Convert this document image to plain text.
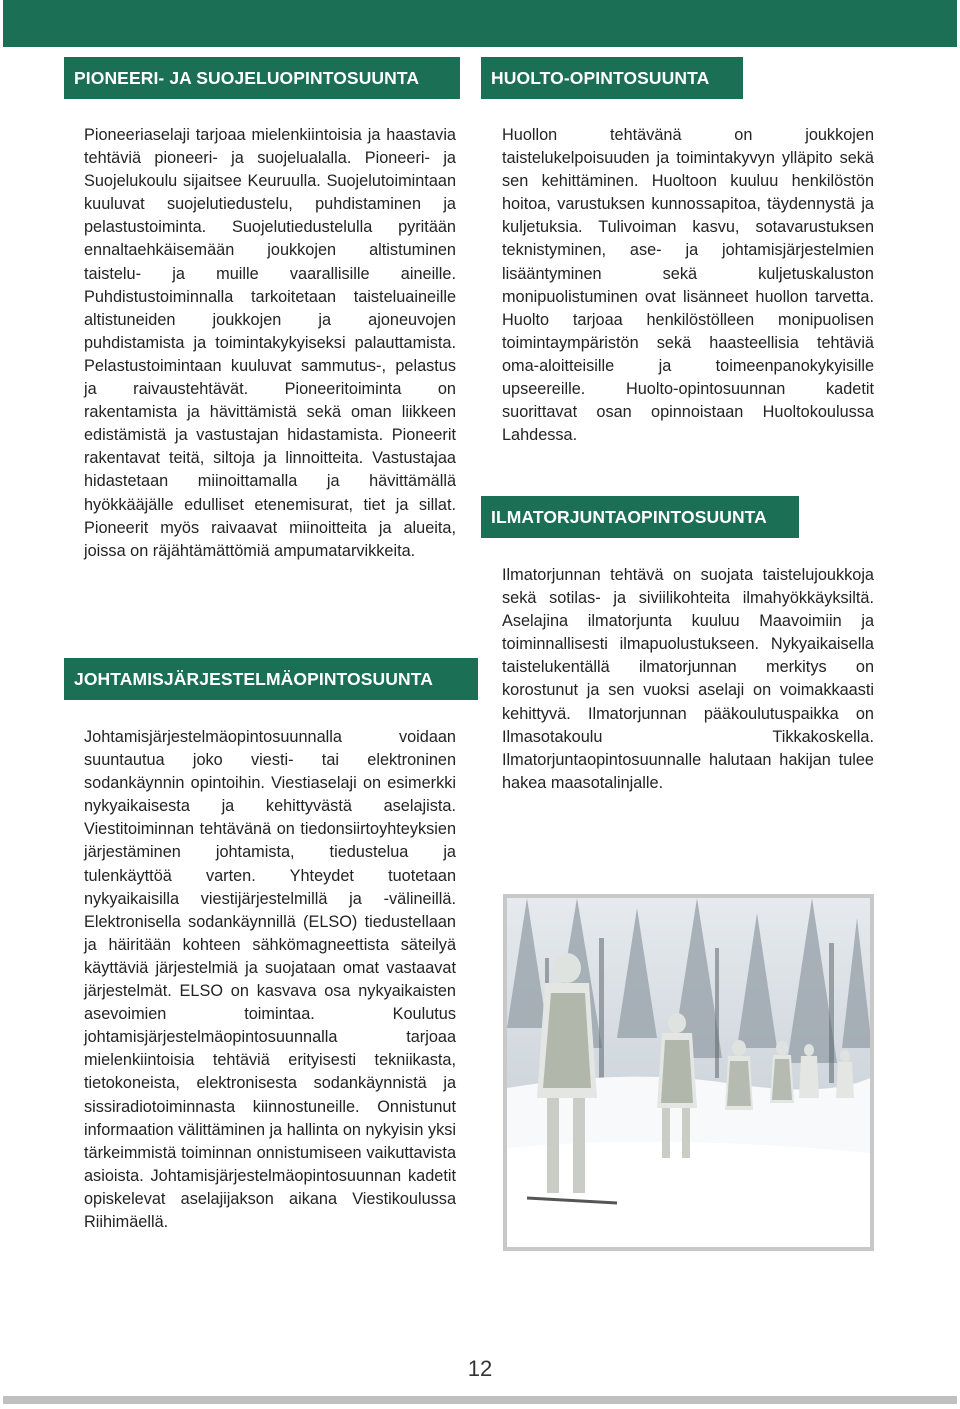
PIONEERI- JA SUOJELUOPINTOSUUNTA
Pioneeriaselaji tarjoaa mielenkiintoisia ja haastavia tehtäviä pioneeri- ja suojelualalla. Pioneeri- ja Suojelukoulu sijaitsee Keuruulla. Suojelutoimintaan kuuluvat suojelutiedustelu, puhdistaminen ja pelastustoiminta. Suojelutiedustelulla pyritään ennaltaehkäisemään joukkojen altistuminen taistelu- ja muille vaarallisille aineille. Puhdistustoiminnalla tarkoitetaan taisteluaineille altistuneiden joukkojen ja ajoneuvojen puhdistamista ja toimintakykyiseksi palauttamista. Pelastustoimintaan kuuluvat sammutus-, pelastus ja raivaustehtävät. Pioneeritoiminta on rakentamista ja hävittämistä sekä oman liikkeen edistämistä ja vastustajan hidastamista. Pioneerit rakentavat teitä, siltoja ja linnoitteita. Vastustajaa hidastetaan miinoittamalla ja hävittämällä hyökkääjälle edulliset etenemisurat, tiet ja sillat. Pioneerit myös raivaavat miinoitteita ja alueita, joissa on räjähtämättömiä ampumatarvikkeita.
JOHTAMISJÄRJESTELMÄOPINTOSUUNTA
Johtamisjärjestelmäopintosuunnalla voidaan suuntautua joko viesti- tai elektroninen sodankäynnin opintoihin. Viestiaselaji on esimerkki nykyaikaisesta ja kehittyvästä aselajista. Viestitoiminnan tehtävänä on tiedonsiirtoyhteyksien järjestäminen johtamista, tiedustelua ja tulenkäyttöä varten. Yhteydet tuotetaan nykyaikaisilla viestijärjestelmillä ja -välineillä. Elektronisella sodankäynnillä (ELSO) tiedustellaan ja häiritään kohteen sähkömagneettista säteilyä käyttäviä järjestelmiä ja suojataan omat vastaavat järjestelmät. ELSO on kasvava osa nykyaikaisten asevoimien toimintaa. Koulutus johtamisjärjestelmäopintosuunnalla tarjoaa mielenkiintoisia tehtäviä erityisesti tekniikasta, tietokoneista, elektronisesta sodankäynnistä ja sissiradiotoiminnasta kiinnostuneille. Onnistunut informaation välittäminen ja hallinta on nykyisin yksi tärkeimmistä toiminnan onnistumiseen vaikuttavista asioista. Johtamisjärjestelmäopintosuunnan kadetit opiskelevat aselajijakson aikana Viestikoulussa Riihimäellä.
HUOLTO-OPINTOSUUNTA
Huollon tehtävänä on joukkojen taistelukelpoisuuden ja toimintakyvyn ylläpito sekä sen kehittäminen. Huoltoon kuuluu henkilöstön hoitoa, varustuksen kunnossapitoa, täydennystä ja kuljetuksia. Tulivoiman kasvu, sotavarustuksen teknistyminen, ase- ja johtamisjärjestelmien lisääntyminen sekä kuljetuskaluston monipuolistuminen ovat lisänneet huollon tarvetta. Huolto tarjoaa henkilöstölleen monipuolisen toimintaympäristön sekä haasteellisia tehtäviä oma-aloitteisille ja toimeenpanokykyisille upseereille. Huolto-opintosuunnan kadetit suorittavat osan opinnoistaan Huoltokoulussa Lahdessa.
ILMATORJUNTAOPINTOSUUNTA
Ilmatorjunnan tehtävä on suojata taistelujoukkoja sekä sotilas- ja siviilikohteita ilmahyökkäyksiltä. Aselajina ilmatorjunta kuuluu Maavoimiin ja toiminnallisesti ilmapuolustukseen. Nykyaikaisella taistelukentällä ilmatorjunnan merkitys on korostunut ja sen vuoksi aselaji on voimakkaasti kehittyvä. Ilmatorjunnan pääkoulutuspaikka on Ilmasotakoulu Tikkakoskella. Ilmatorjuntaopintosuunnalle halutaan hakijan tulee hakea maasotalinjalle.
12
